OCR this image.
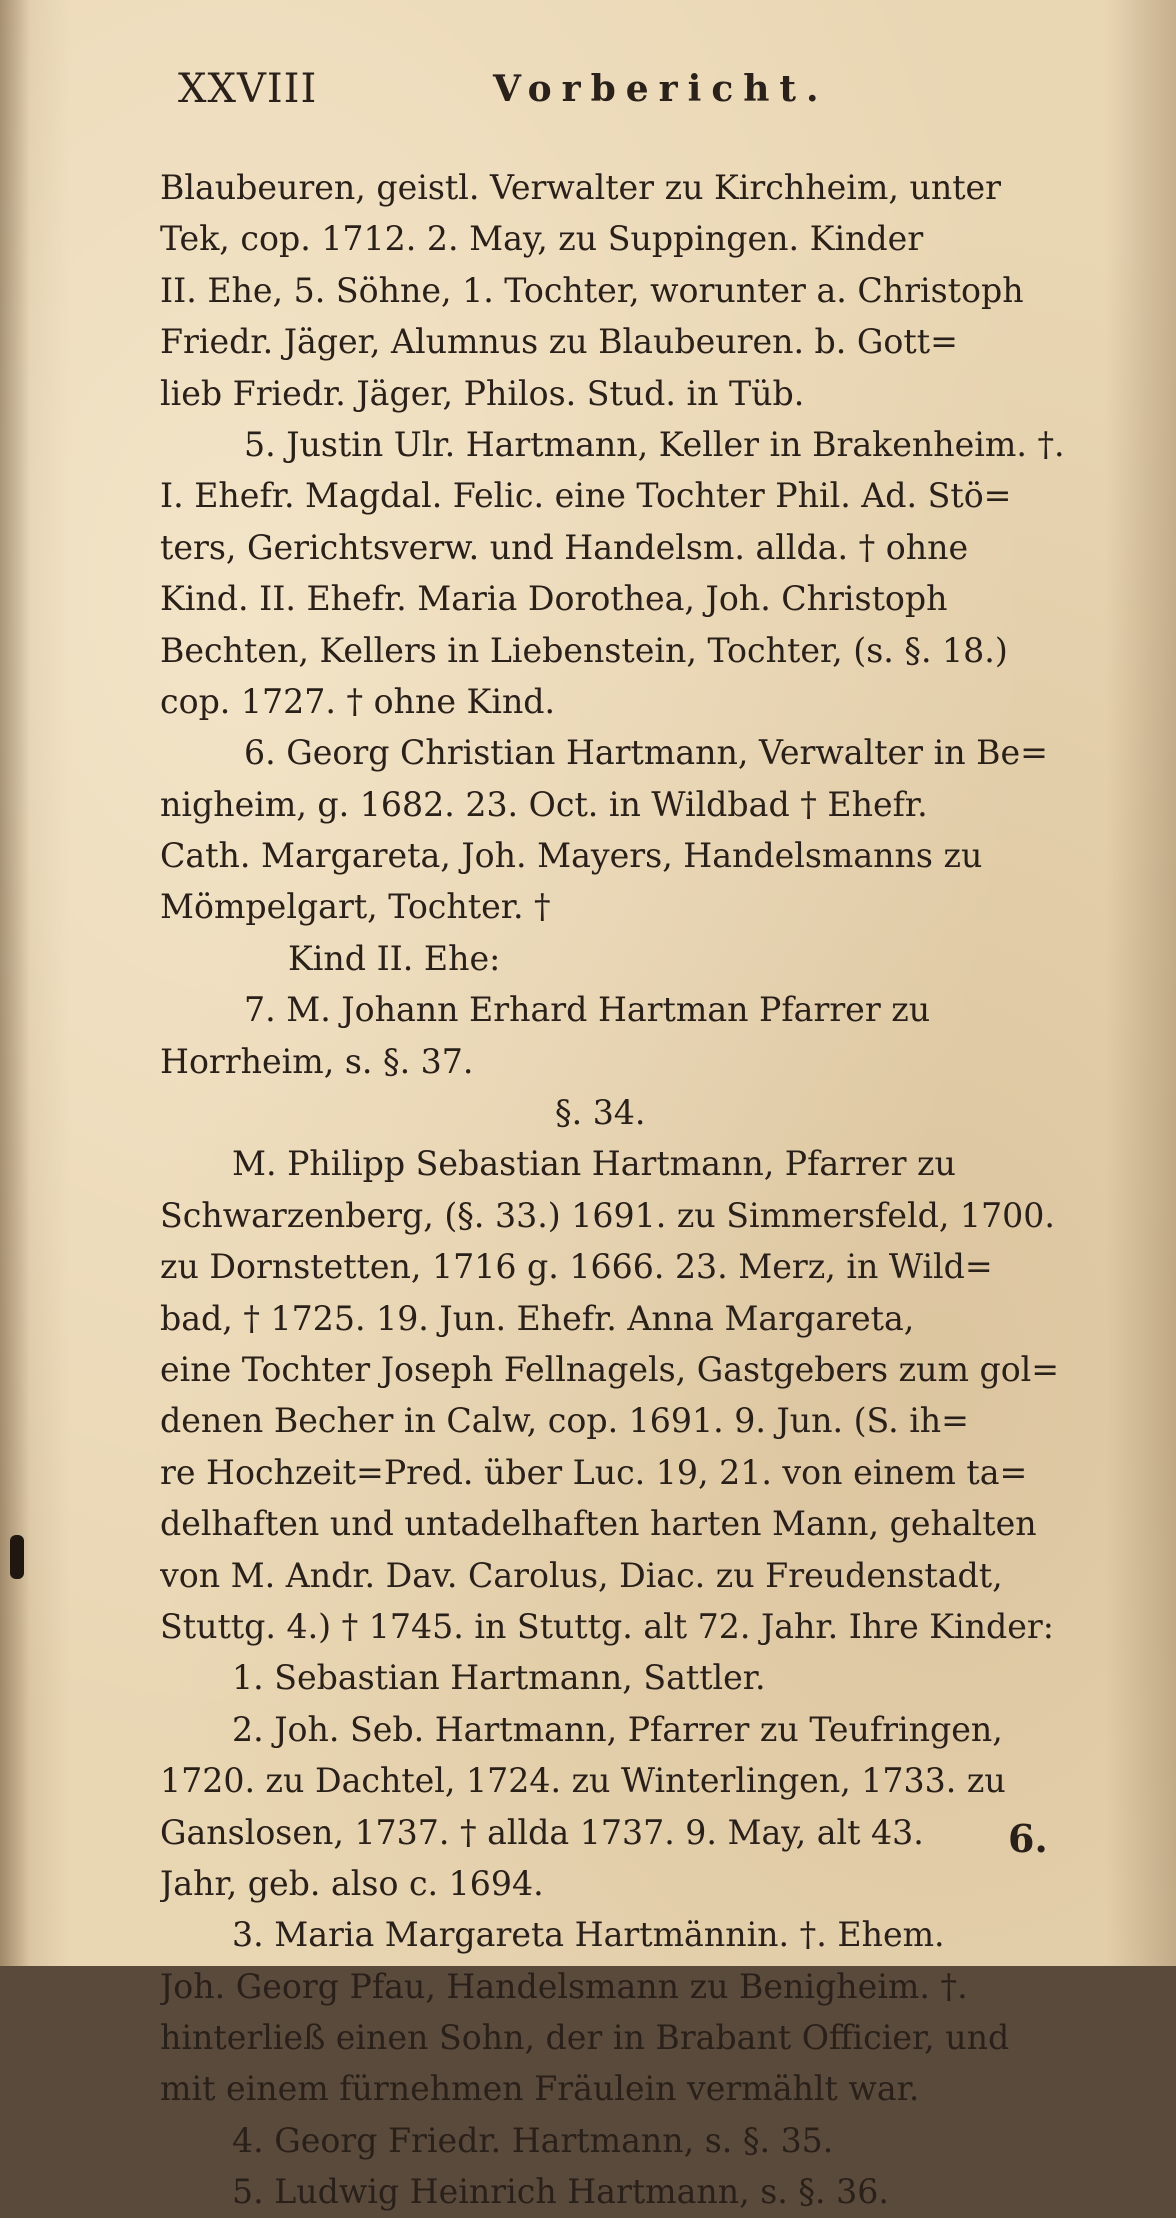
XXVIII	Vorbericht.
Blaubeuren, geistl. Verwalter zu Kirchheim, unter
Tek, cop. 1712. 2. May, zu Suppingen. Kinder
II. Ehe, 5. Söhne, 1. Tochter, worunter a. Christoph
Friedr. Jäger, Alumnus zu Blaubeuren. b. Gott=
lieb Friedr. Jäger, Philos. Stud. in Tüb.
5. Justin Ulr. Hartmann, Keller in Brakenheim. †.
I. Ehefr. Magdal. Felic. eine Tochter Phil. Ad. Stö=
ters, Gerichtsverw. und Handelsm. allda. † ohne
Kind. II. Ehefr. Maria Dorothea, Joh. Christoph
Bechten, Kellers in Liebenstein, Tochter, (s. §. 18.)
cop. 1727. † ohne Kind.
6. Georg Christian Hartmann, Verwalter in Be=
nigheim, g. 1682. 23. Oct. in Wildbad † Ehefr.
Cath. Margareta, Joh. Mayers, Handelsmanns zu
Mömpelgart, Tochter. †
Kind II. Ehe:
7. M. Johann Erhard Hartman Pfarrer zu
Horrheim, s. §. 37.
§. 34.
M. Philipp Sebastian Hartmann, Pfarrer zu
Schwarzenberg, (§. 33.) 1691. zu Simmersfeld, 1700.
zu Dornstetten, 1716 g. 1666. 23. Merz, in Wild=
bad, † 1725. 19. Jun. Ehefr. Anna Margareta,
eine Tochter Joseph Fellnagels, Gastgebers zum gol=
denen Becher in Calw, cop. 1691. 9. Jun. (S. ih=
re Hochzeit=Pred. über Luc. 19, 21. von einem ta=
delhaften und untadelhaften harten Mann, gehalten
von M. Andr. Dav. Carolus, Diac. zu Freudenstadt,
Stuttg. 4.) † 1745. in Stuttg. alt 72. Jahr. Ihre Kinder:
1. Sebastian Hartmann, Sattler.
2. Joh. Seb. Hartmann, Pfarrer zu Teufringen,
1720. zu Dachtel, 1724. zu Winterlingen, 1733. zu
Ganslosen, 1737. † allda 1737. 9. May, alt 43.
Jahr, geb. also c. 1694.
3. Maria Margareta Hartmännin. †. Ehem.
Joh. Georg Pfau, Handelsmann zu Benigheim. †.
hinterließ einen Sohn, der in Brabant Officier, und
mit einem fürnehmen Fräulein vermählt war.
4. Georg Friedr. Hartmann, s. §. 35.
5. Ludwig Heinrich Hartmann, s. §. 36.
6.
